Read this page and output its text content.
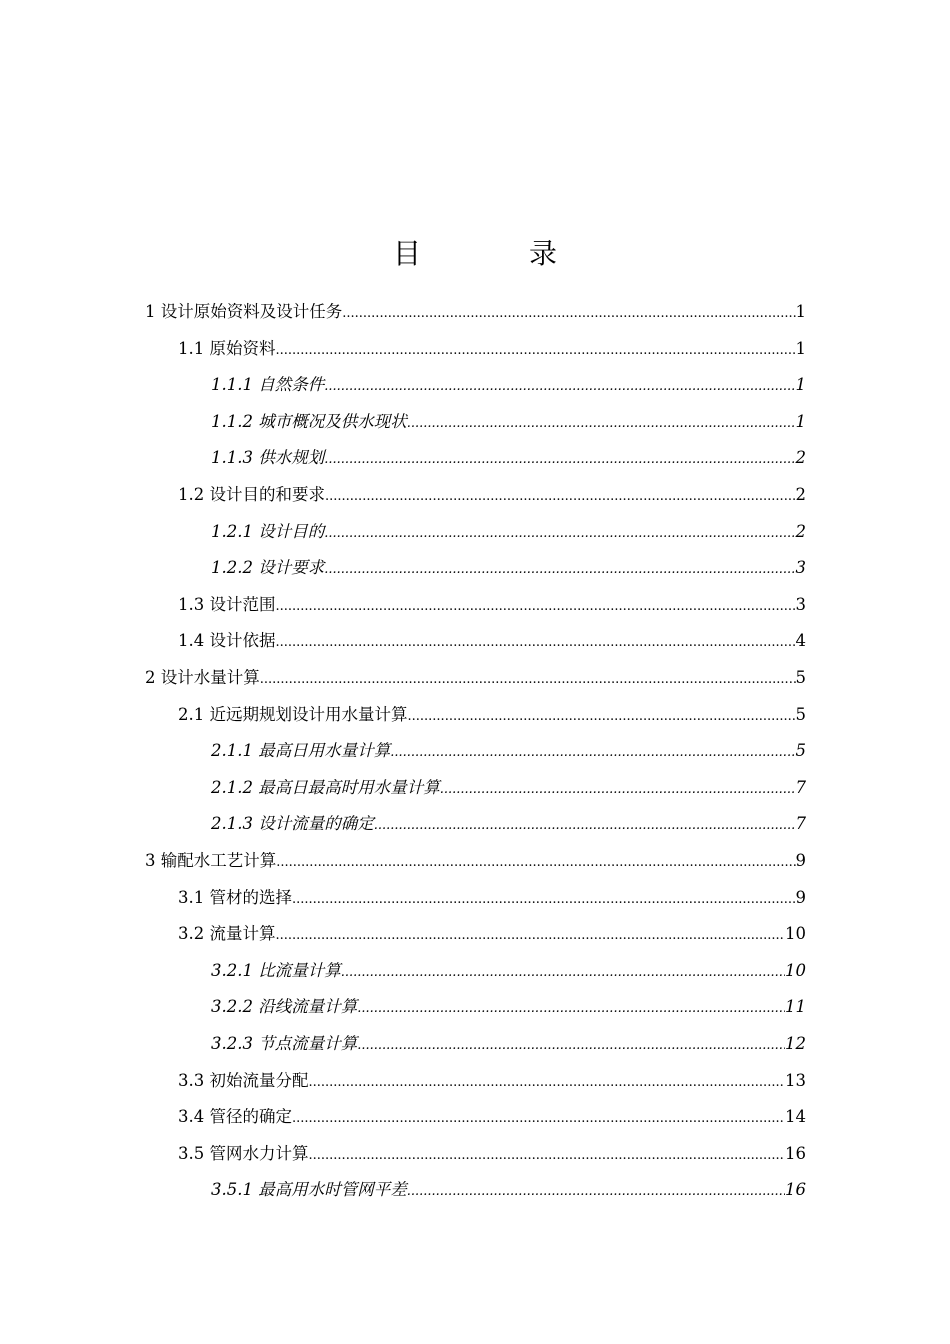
目　录
1 设计原始资料及设计任务 .....	1
1.1 原始资料 .....	1
1.1.1 自然条件 .....	1
1.1.2 城市概况及供水现状 .....	1
1.1.3 供水规划 .....	2
1.2 设计目的和要求 .....	2
1.2.1 设计目的 .....	2
1.2.2 设计要求 .....	3
1.3 设计范围 .....	3
1.4 设计依据 .....	4
2 设计水量计算 .....	5
2.1 近远期规划设计用水量计算 .....	5
2.1.1 最高日用水量计算 .....	5
2.1.2 最高日最高时用水量计算 .....	7
2.1.3 设计流量的确定 .....	7
3 输配水工艺计算 .....	9
3.1 管材的选择 .....	9
3.2 流量计算 .....	10
3.2.1 比流量计算 .....	10
3.2.2 沿线流量计算 .....	11
3.2.3 节点流量计算 .....	12
3.3 初始流量分配 .....	13
3.4 管径的确定 .....	14
3.5 管网水力计算 .....	16
3.5.1 最高用水时管网平差 .....	16
